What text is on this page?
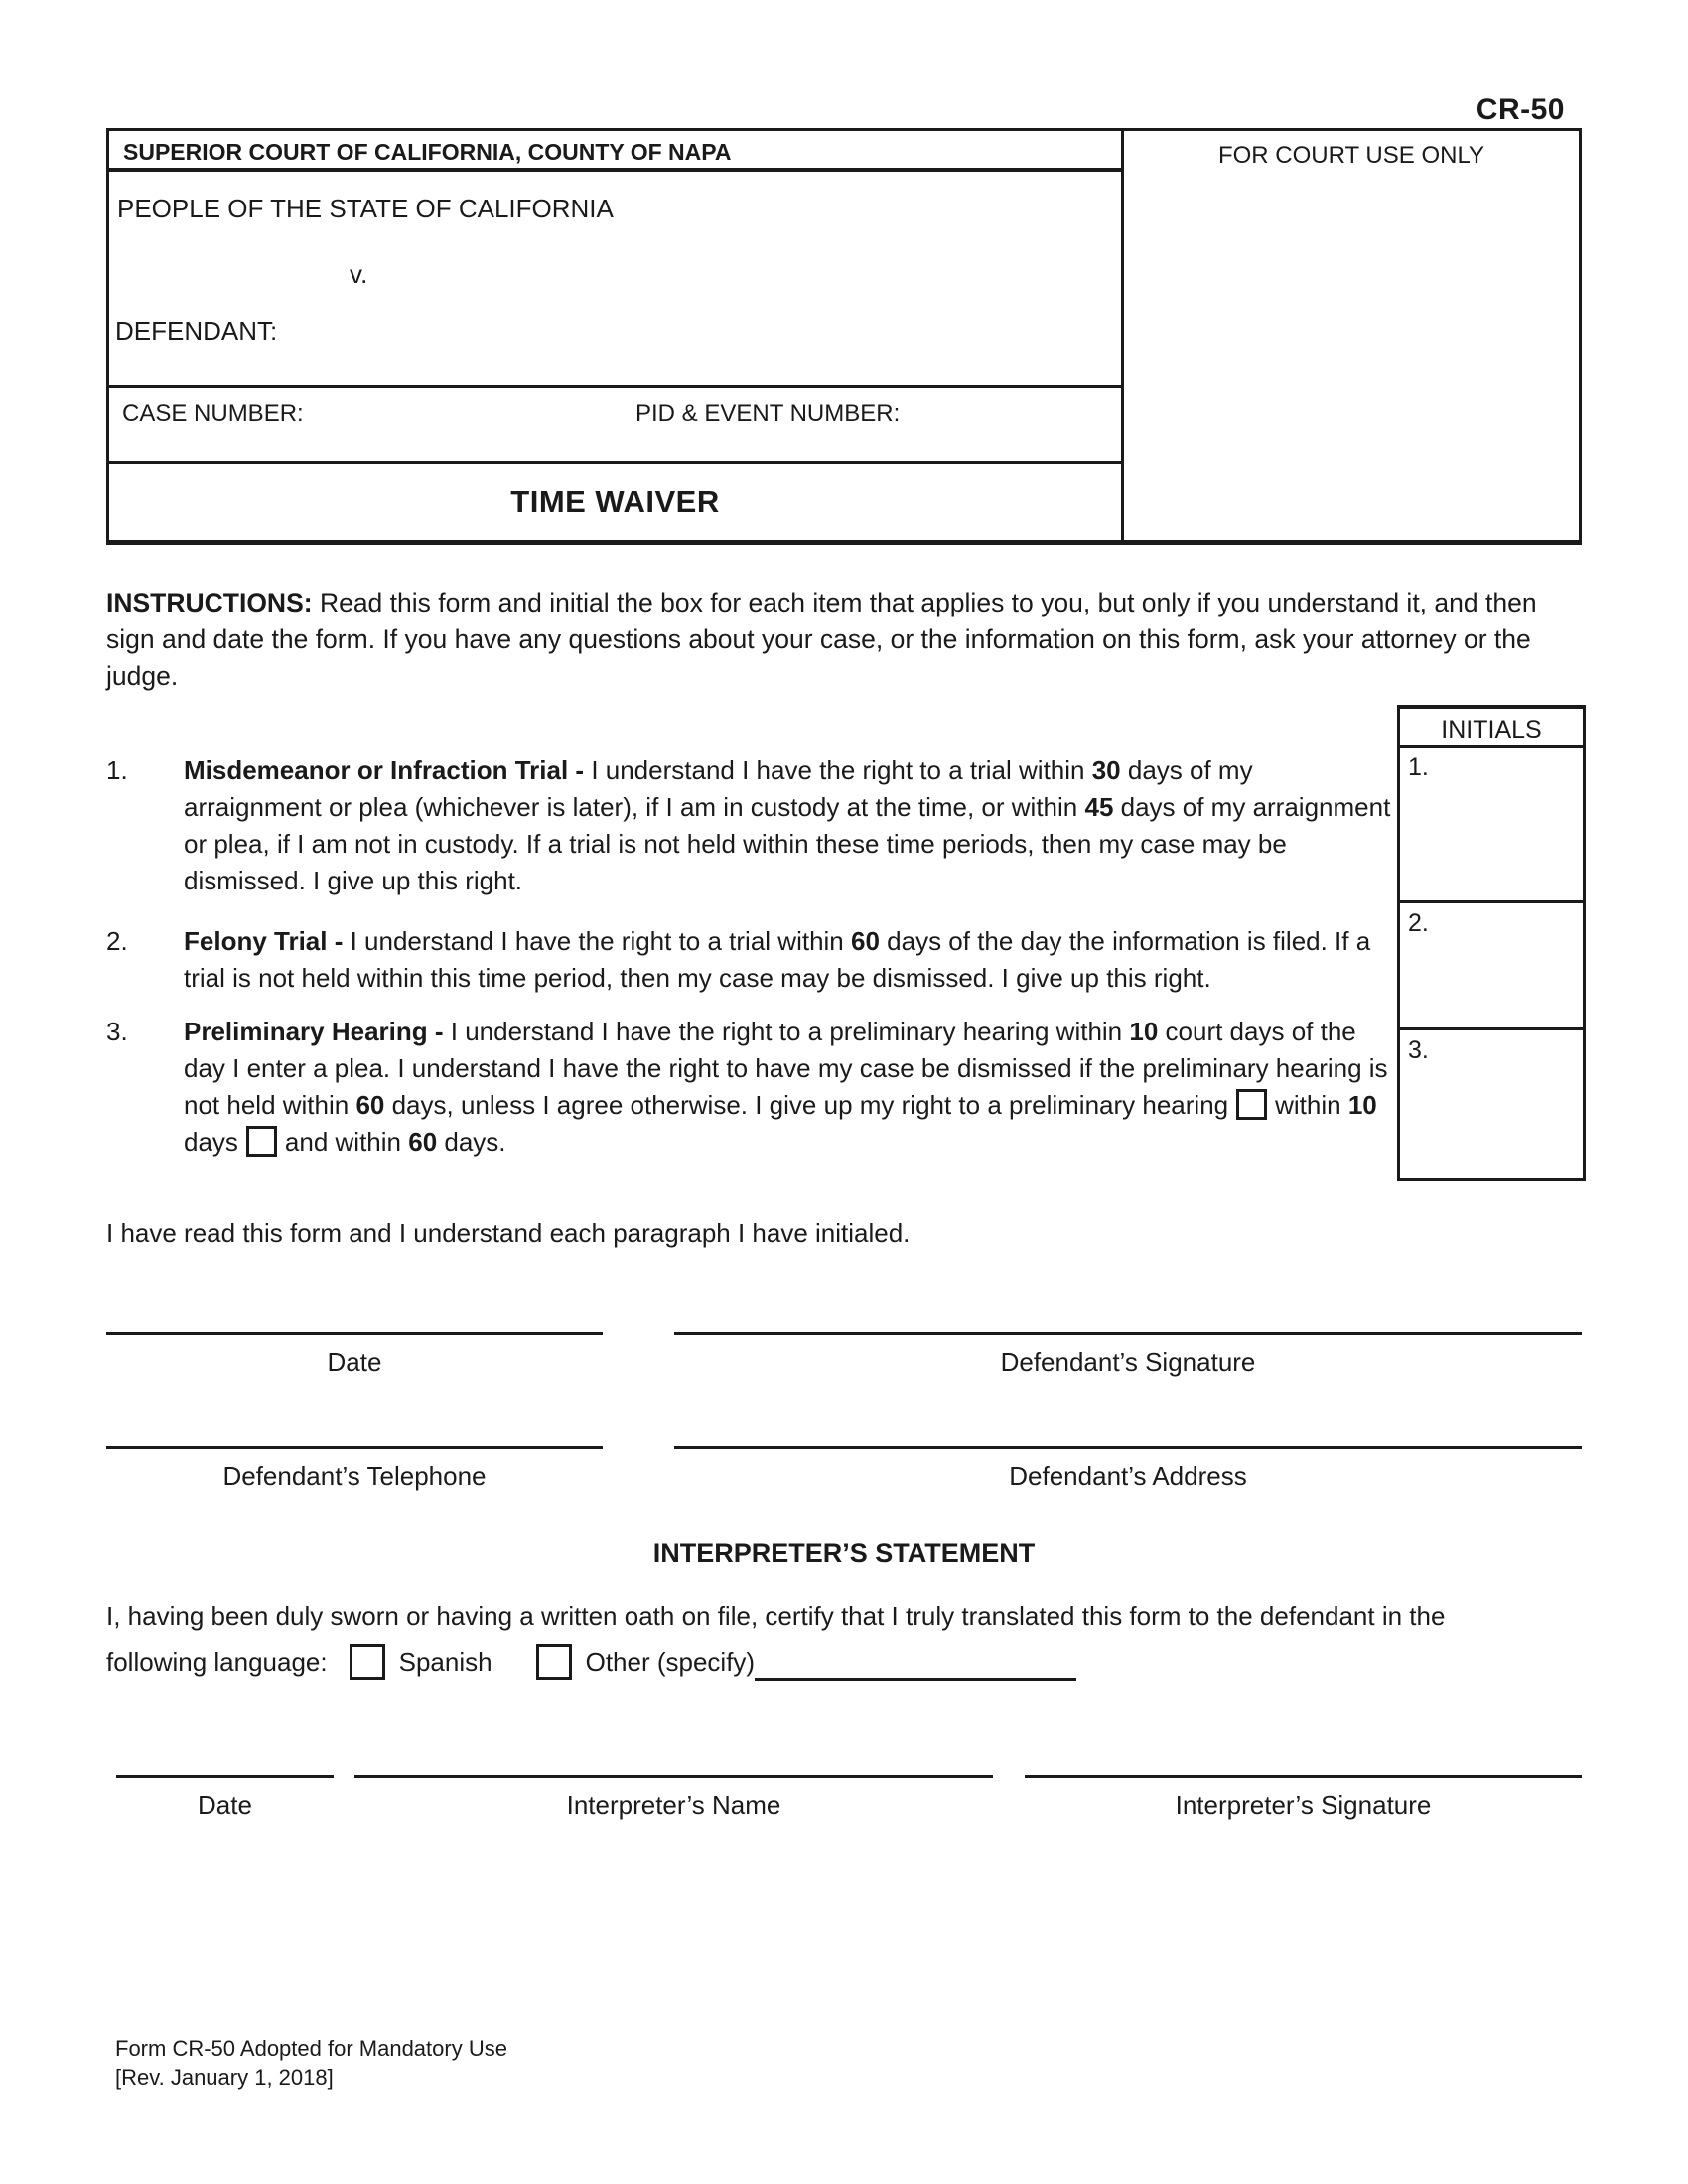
CR-50
SUPERIOR COURT OF CALIFORNIA, COUNTY OF NAPA
PEOPLE OF THE STATE OF CALIFORNIA
v.
DEFENDANT:
CASE NUMBER:	PID & EVENT NUMBER:
TIME WAIVER
FOR COURT USE ONLY
INSTRUCTIONS: Read this form and initial the box for each item that applies to you, but only if you understand it, and then sign and date the form. If you have any questions about your case, or the information on this form, ask your attorney or the judge.
INITIALS
1.
2.
3.
1.	Misdemeanor or Infraction Trial - I understand I have the right to a trial within 30 days of my arraignment or plea (whichever is later), if I am in custody at the time, or within 45 days of my arraignment or plea, if I am not in custody. If a trial is not held within these time periods, then my case may be dismissed. I give up this right.
2.	Felony Trial - I understand I have the right to a trial within 60 days of the day the information is filed. If a trial is not held within this time period, then my case may be dismissed. I give up this right.
3.	Preliminary Hearing - I understand I have the right to a preliminary hearing within 10 court days of the day I enter a plea. I understand I have the right to have my case be dismissed if the preliminary hearing is not held within 60 days, unless I agree otherwise. I give up my right to a preliminary hearing within 10 days and within 60 days.
I have read this form and I understand each paragraph I have initialed.
Date	Defendant’s Signature
Defendant’s Telephone	Defendant’s Address
INTERPRETER’S STATEMENT
I, having been duly sworn or having a written oath on file, certify that I truly translated this form to the defendant in the
following language:	Spanish	Other (specify)
Date	Interpreter’s Name	Interpreter’s Signature
Form CR-50 Adopted for Mandatory Use
[Rev. January 1, 2018]
